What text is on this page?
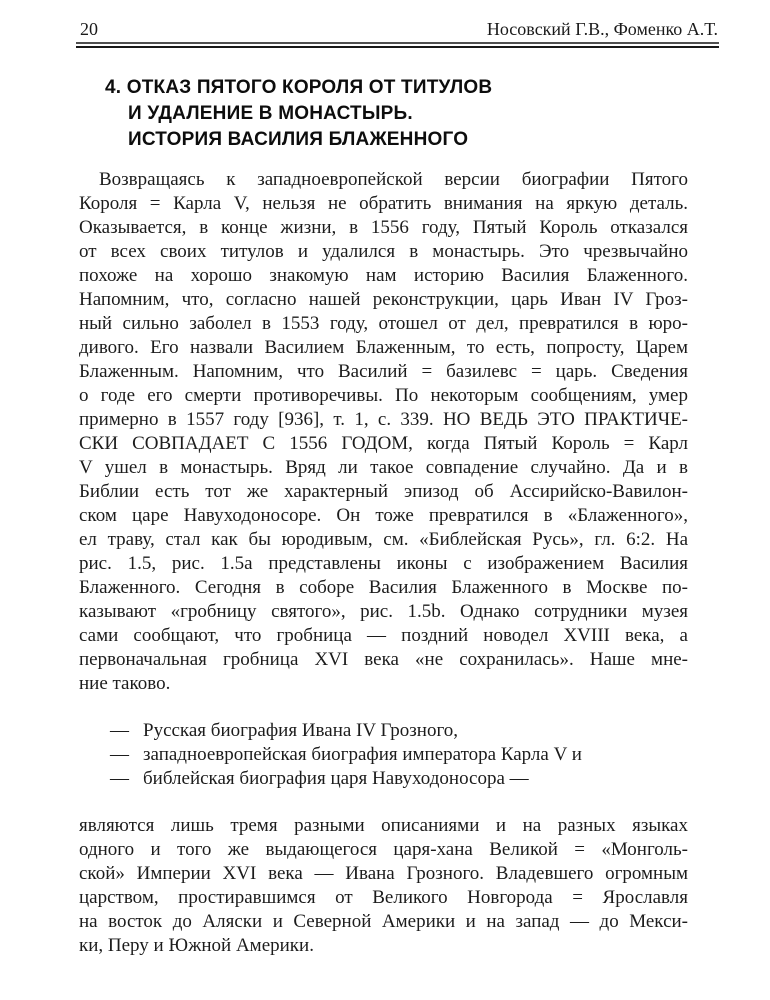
20	Носовский Г.В., Фоменко А.Т.
4. ОТКАЗ ПЯТОГО КОРОЛЯ ОТ ТИТУЛОВ
И УДАЛЕНИЕ В МОНАСТЫРЬ.
ИСТОРИЯ ВАСИЛИЯ БЛАЖЕННОГО
Возвращаясь к западноевропейской версии биографии Пятого
Короля = Карла V, нельзя не обратить внимания на яркую деталь.
Оказывается, в конце жизни, в 1556 году, Пятый Король отказался
от всех своих титулов и удалился в монастырь. Это чрезвычайно
похоже на хорошо знакомую нам историю Василия Блаженного.
Напомним, что, согласно нашей реконструкции, царь Иван IV Гроз-
ный сильно заболел в 1553 году, отошел от дел, превратился в юро-
дивого. Его назвали Василием Блаженным, то есть, попросту, Царем
Блаженным. Напомним, что Василий = базилевс = царь. Сведения
о годе его смерти противоречивы. По некоторым сообщениям, умер
примерно в 1557 году [936], т. 1, с. 339. НО ВЕДЬ ЭТО ПРАКТИЧЕ-
СКИ СОВПАДАЕТ С 1556 ГОДОМ, когда Пятый Король = Карл
V ушел в монастырь. Вряд ли такое совпадение случайно. Да и в
Библии есть тот же характерный эпизод об Ассирийско-Вавилон-
ском царе Навуходоносоре. Он тоже превратился в «Блаженного»,
ел траву, стал как бы юродивым, см. «Библейская Русь», гл. 6:2. На
рис. 1.5, рис. 1.5a представлены иконы с изображением Василия
Блаженного. Сегодня в соборе Василия Блаженного в Москве по-
казывают «гробницу святого», рис. 1.5b. Однако сотрудники музея
сами сообщают, что гробница — поздний новодел XVIII века, а
первоначальная гробница XVI века «не сохранилась». Наше мне-
ние таково.
— Русская биография Ивана IV Грозного,
— западноевропейская биография императора Карла V и
— библейская биография царя Навуходоносора —
являются лишь тремя разными описаниями и на разных языках
одного и того же выдающегося царя-хана Великой = «Монголь-
ской» Империи XVI века — Ивана Грозного. Владевшего огромным
царством, простиравшимся от Великого Новгорода = Ярославля
на восток до Аляски и Северной Америки и на запад — до Мекси-
ки, Перу и Южной Америки.
